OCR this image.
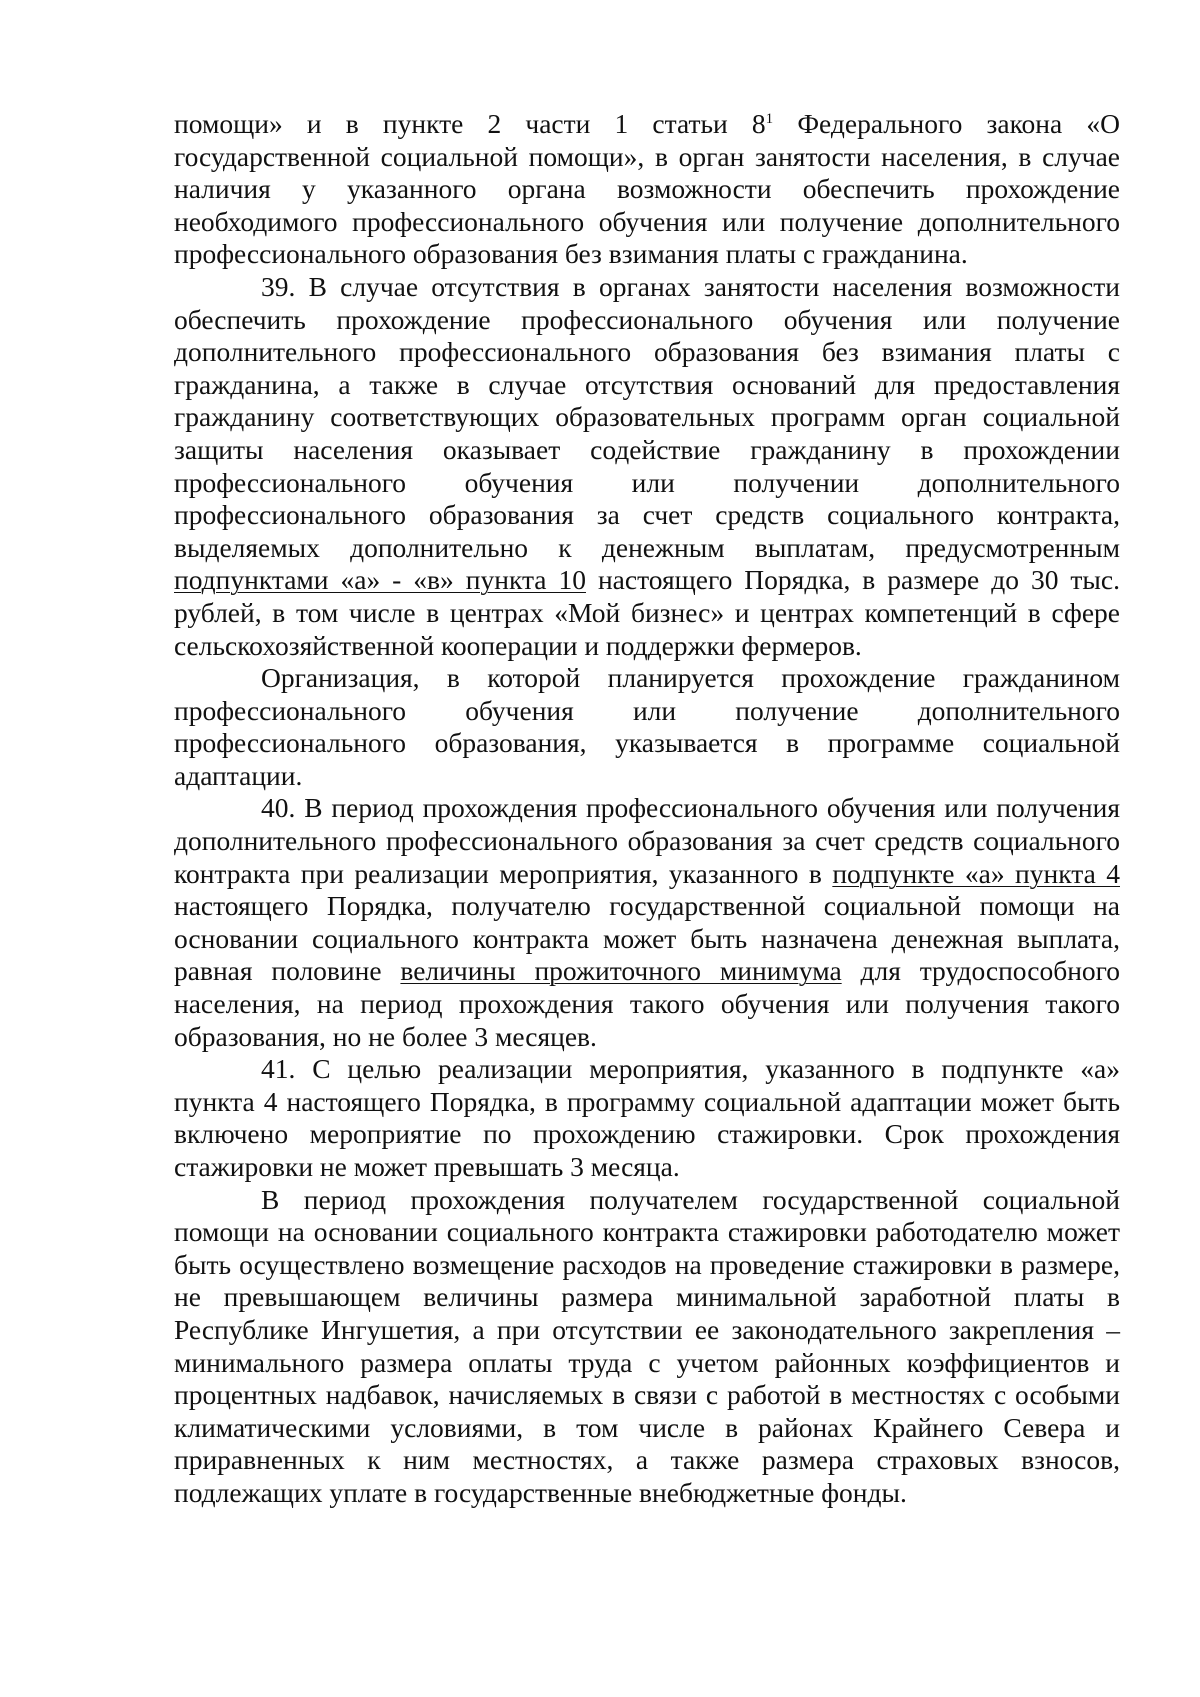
помощи» и в пункте 2 части 1 статьи $8^1$ Федерального закона «О государственной социальной помощи», в орган занятости населения, в случае наличия у указанного органа возможности обеспечить прохождение необходимого профессионального обучения или получение дополнительного профессионального образования без взимания платы с гражданина.

39. В случае отсутствия в органах занятости населения возможности обеспечить прохождение профессионального обучения или получение дополнительного профессионального образования без взимания платы с гражданина, а также в случае отсутствия оснований для предоставления гражданину соответствующих образовательных программ орган социальной защиты населения оказывает содействие гражданину в прохождении профессионального обучения или получении дополнительного профессионального образования за счет средств социального контракта, выделяемых дополнительно к денежным выплатам, предусмотренным подпунктами «а» - «в» пункта 10 настоящего Порядка, в размере до 30 тыс. рублей, в том числе в центрах «Мой бизнес» и центрах компетенций в сфере сельскохозяйственной кооперации и поддержки фермеров.

Организация, в которой планируется прохождение гражданином профессионального обучения или получение дополнительного профессионального образования, указывается в программе социальной адаптации.

40. В период прохождения профессионального обучения или получения дополнительного профессионального образования за счет средств социального контракта при реализации мероприятия, указанного в подпункте «а» пункта 4 настоящего Порядка, получателю государственной социальной помощи на основании социального контракта может быть назначена денежная выплата, равная половине величины прожиточного минимума для трудоспособного населения, на период прохождения такого обучения или получения такого образования, но не более 3 месяцев.

41. С целью реализации мероприятия, указанного в подпункте «а» пункта 4 настоящего Порядка, в программу социальной адаптации может быть включено мероприятие по прохождению стажировки. Срок прохождения стажировки не может превышать 3 месяца.

В период прохождения получателем государственной социальной помощи на основании социального контракта стажировки работодателю может быть осуществлено возмещение расходов на проведение стажировки в размере, не превышающем величины размера минимальной заработной платы в Республике Ингушетия, а при отсутствии ее законодательного закрепления – минимального размера оплаты труда с учетом районных коэффициентов и процентных надбавок, начисляемых в связи с работой в местностях с особыми климатическими условиями, в том числе в районах Крайнего Севера и приравненных к ним местностях, а также размера страховых взносов, подлежащих уплате в государственные внебюджетные фонды.
